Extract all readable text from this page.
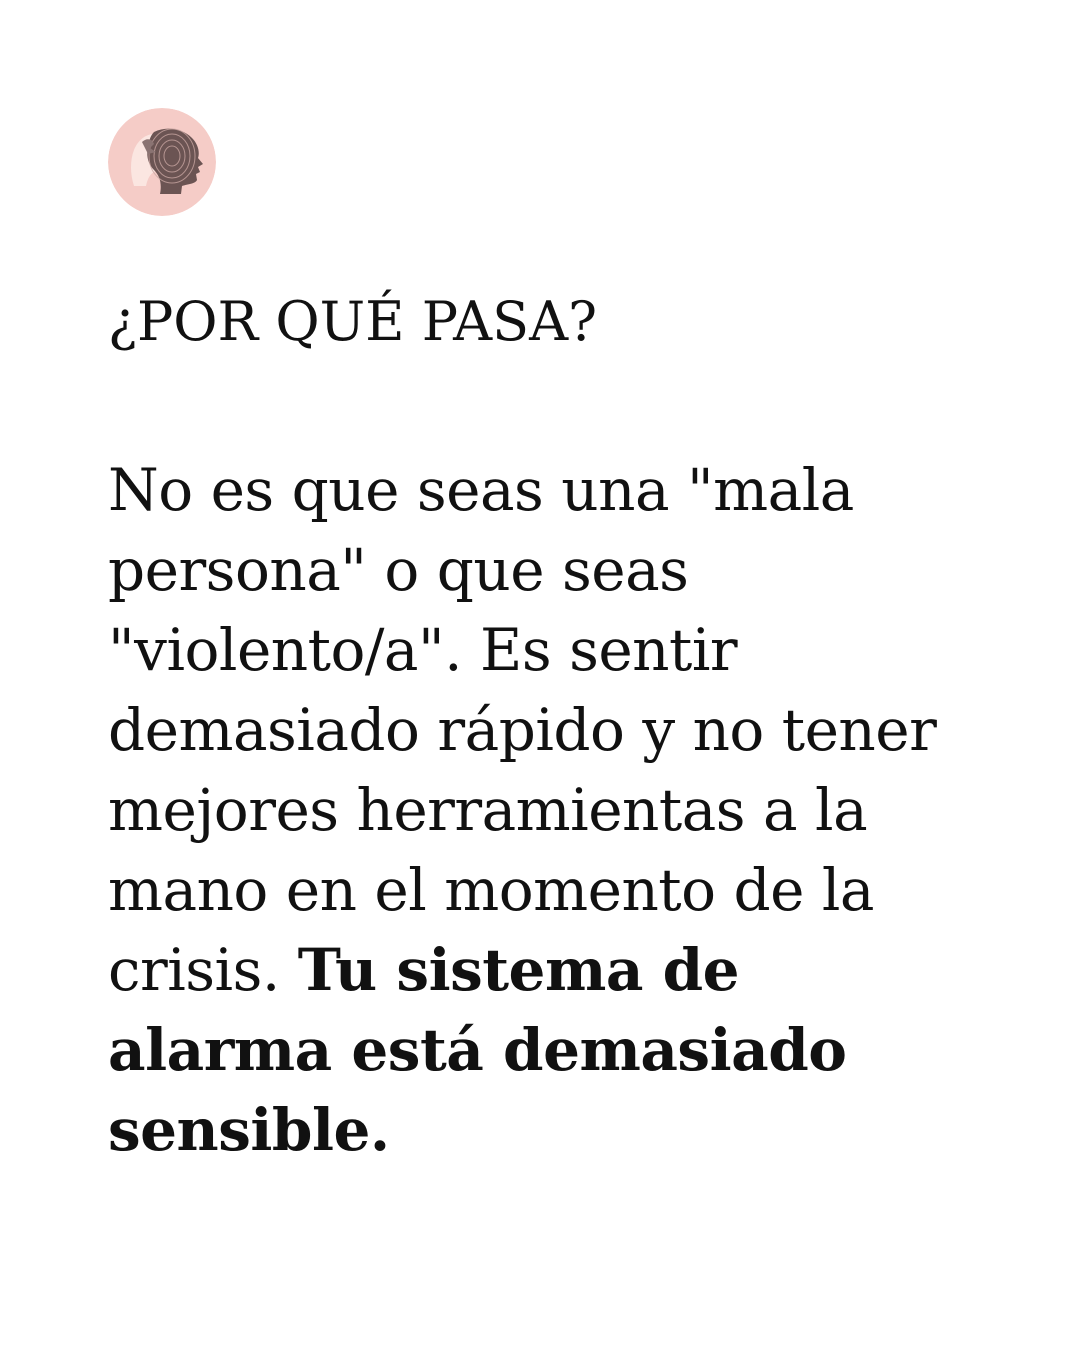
¿POR QUÉ PASA?

No es que seas una "mala persona" o que seas "violento/a". Es sentir demasiado rápido y no tener mejores herramientas a la mano en el momento de la crisis. Tu sistema de alarma está demasiado sensible.
